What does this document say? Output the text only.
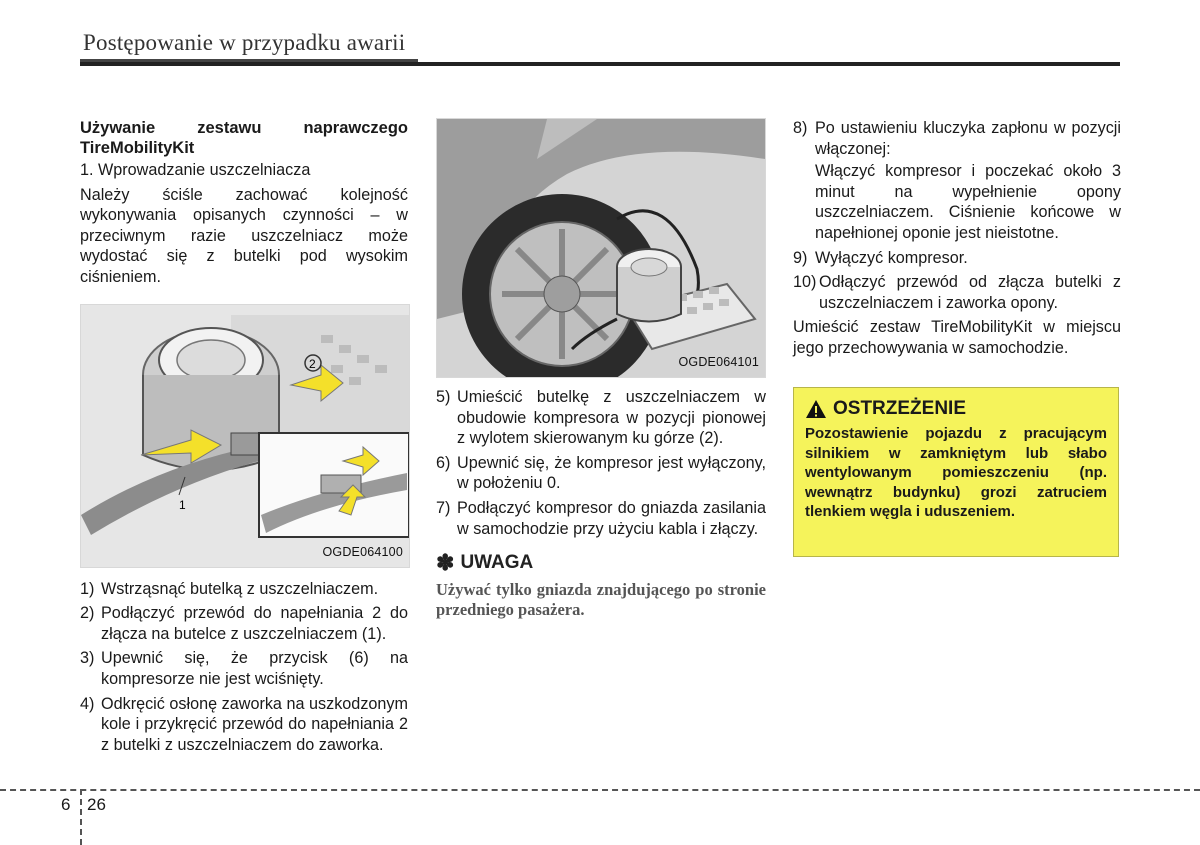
Postępowanie w przypadku awarii
Używanie zestawu naprawczego TireMobilityKit

1. Wprowadzanie uszczelniacza

Należy ściśle zachować kolejność wykonywania opisanych czynności – w przeciwnym razie uszczelniacz może wydostać się z butelki pod wysokim ciśnieniem.

2
1
OGDE064100
1) Wstrząsnąć butelką z uszczelniaczem.
2) Podłączyć przewód do napełniania 2 do złącza na butelce z uszczelniaczem (1).
3) Upewnić się, że przycisk (6) na kompresorze nie jest wciśnięty.
4) Odkręcić osłonę zaworka na uszkodzonym kole i przykręcić przewód do napełniania 2 z butelki z uszczelniaczem do zaworka.
OGDE064101
5) Umieścić butelkę z uszczelniaczem w obudowie kompresora w pozycji pionowej z wylotem skierowanym ku górze (2).
6) Upewnić się, że kompresor jest wyłączony, w położeniu 0.
7) Podłączyć kompresor do gniazda zasilania w samochodzie przy użyciu kabla i złączy.
✽ UWAGA
Używać tylko gniazda znajdującego po stronie przedniego pasażera.
8) Po ustawieniu kluczyka zapłonu w pozycji włączonej:

Włączyć kompresor i poczekać około 3 minut na wypełnienie opony uszczelniaczem. Ciśnienie końcowe w napełnionej oponie jest nieistotne.

9) Wyłączyć kompresor.
10) Odłączyć przewód od złącza butelki z uszczelniaczem i zaworka opony.

Umieścić zestaw TireMobilityKit w miejscu jego przechowywania w samochodzie.

OSTRZEŻENIE
Pozostawienie pojazdu z pracującym silnikiem w zamkniętym lub słabo wentylowanym pomieszczeniu (np. wewnątrz budynku) grozi zatruciem tlenkiem węgla i uduszeniem.
6 26
